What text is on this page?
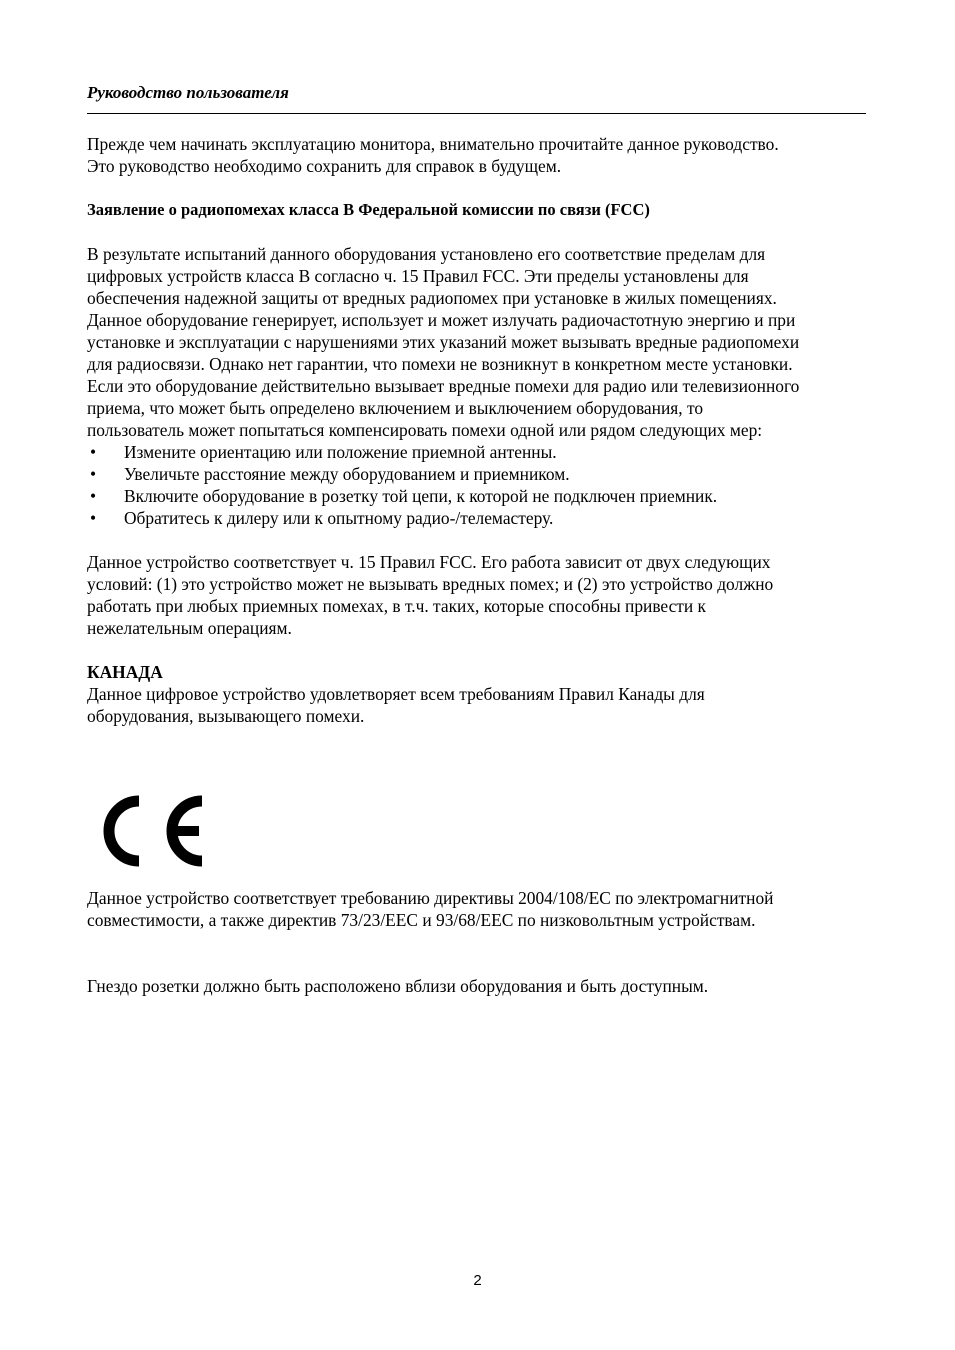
Руководство пользователя

Прежде чем начинать эксплуатацию монитора, внимательно прочитайте данное руководство.
Это руководство необходимо сохранить для справок в будущем.

Заявление о радиопомехах класса В Федеральной комиссии по связи (FCC)

В результате испытаний данного оборудования установлено его соответствие пределам для
цифровых устройств класса В согласно ч. 15 Правил FCC. Эти пределы установлены для
обеспечения надежной защиты от вредных радиопомех при установке в жилых помещениях.
Данное оборудование генерирует, использует и может излучать радиочастотную энергию и при
установке и эксплуатации с нарушениями этих указаний может вызывать вредные радиопомехи
для радиосвязи. Однако нет гарантии, что помехи не возникнут в конкретном месте установки.
Если это оборудование действительно вызывает вредные помехи для радио или телевизионного
приема, что может быть определено включением и выключением оборудования, то
пользователь может попытаться компенсировать помехи одной или рядом следующих мер:

• Измените ориентацию или положение приемной антенны.
• Увеличьте расстояние между оборудованием и приемником.
• Включите оборудование в розетку той цепи, к которой не подключен приемник.
• Обратитесь к дилеру или к опытному радио-/телемастеру.

Данное устройство соответствует ч. 15 Правил FCC. Его работа зависит от двух следующих
условий: (1) это устройство может не вызывать вредных помех; и (2) это устройство должно
работать при любых приемных помехах, в т.ч. таких, которые способны привести к
нежелательным операциям.

КАНАДА

Данное цифровое устройство удовлетворяет всем требованиям Правил Канады для
оборудования, вызывающего помехи.

Данное устройство соответствует требованию директивы 2004/108/EC по электромагнитной
совместимости, а также директив 73/23/EEC и 93/68/EEC по низковольтным устройствам.

Гнездо розетки должно быть расположено вблизи оборудования и быть доступным.

2
